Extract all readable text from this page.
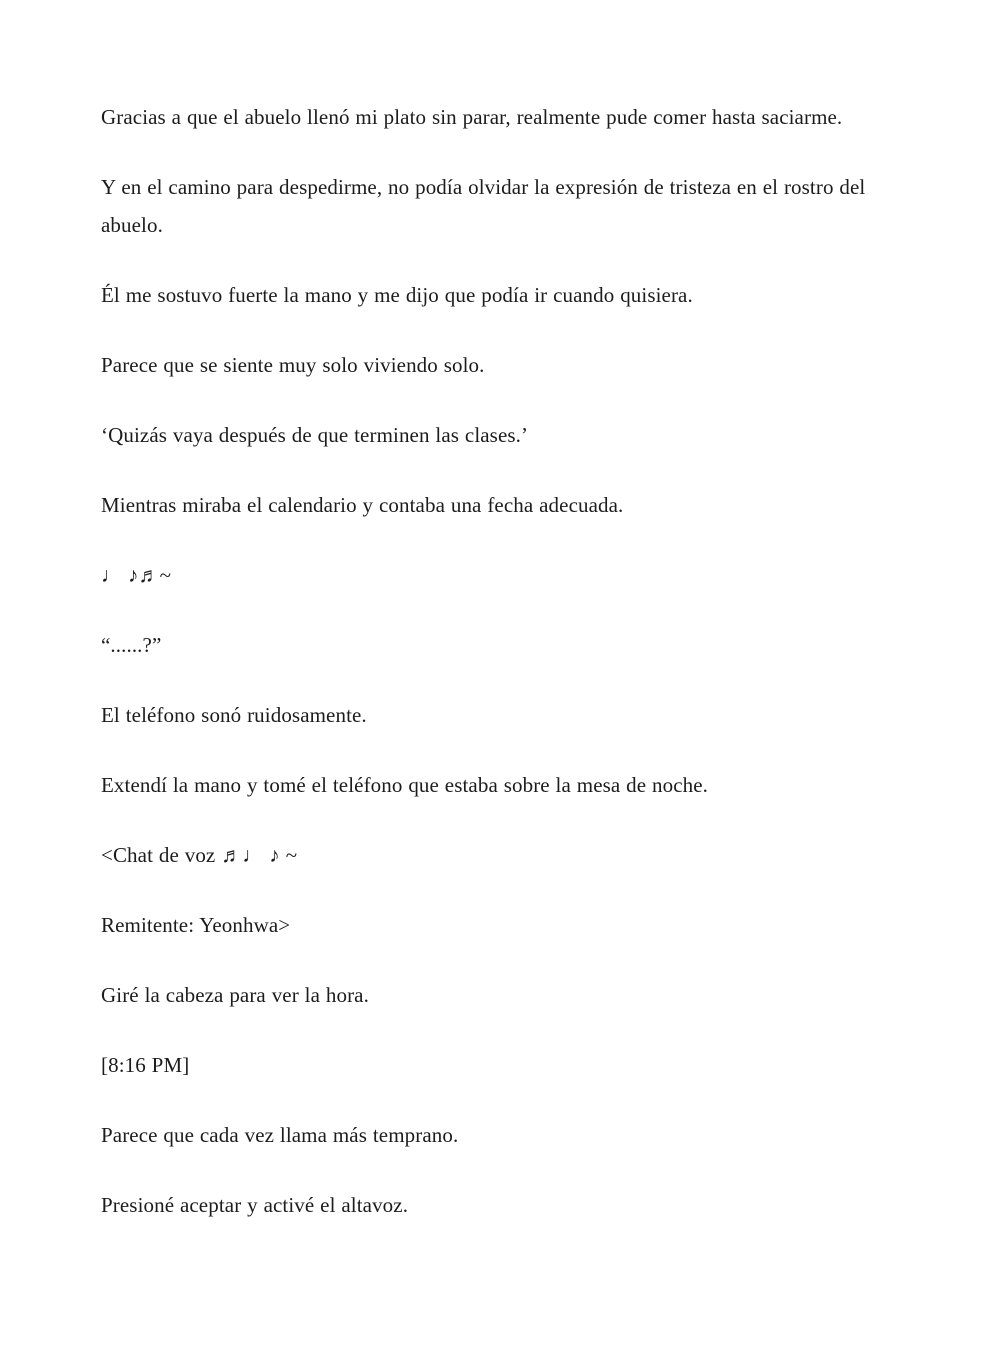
Gracias a que el abuelo llenó mi plato sin parar, realmente pude comer hasta saciarme.

Y en el camino para despedirme, no podía olvidar la expresión de tristeza en el rostro del abuelo.

Él me sostuvo fuerte la mano y me dijo que podía ir cuando quisiera.

Parece que se siente muy solo viviendo solo.

‘Quizás vaya después de que terminen las clases.’

Mientras miraba el calendario y contaba una fecha adecuada.

♩ ♪♬~

“......?”

El teléfono sonó ruidosamente.

Extendí la mano y tomé el teléfono que estaba sobre la mesa de noche.

<Chat de voz ♬♩ ♪ ~

Remitente: Yeonhwa>

Giré la cabeza para ver la hora.

[8:16 PM]

Parece que cada vez llama más temprano.

Presioné aceptar y activé el altavoz.
